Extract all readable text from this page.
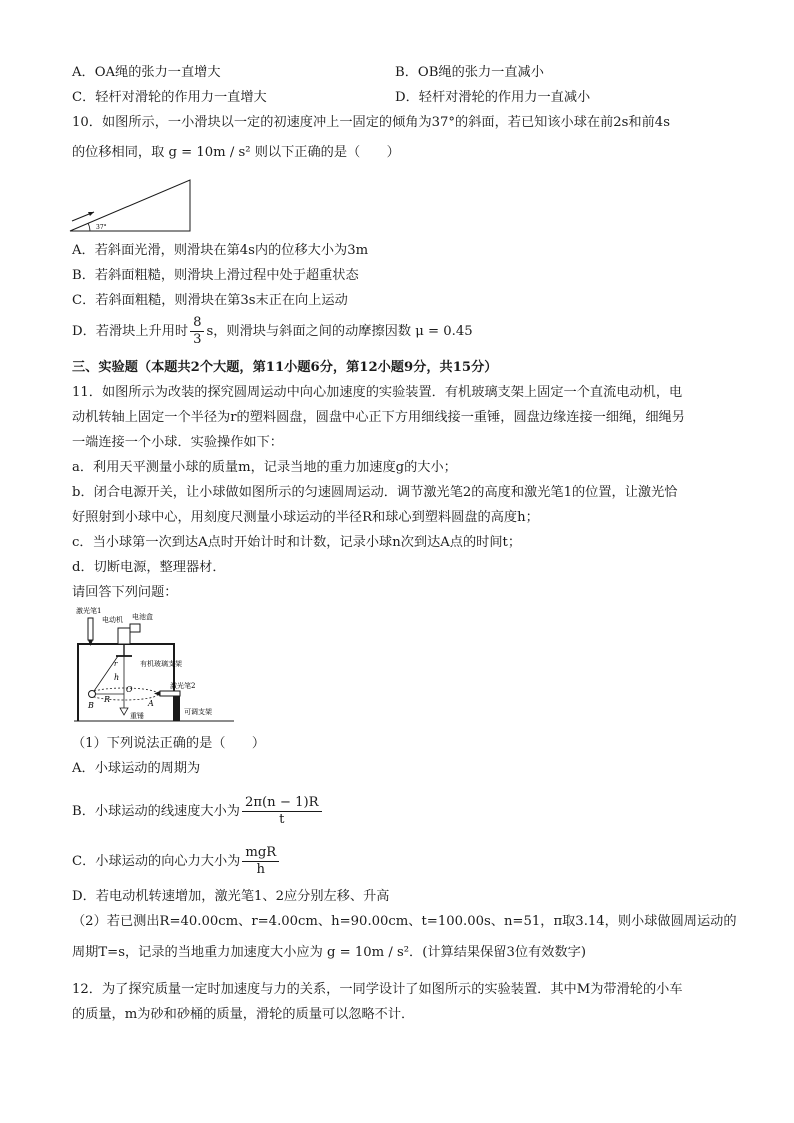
A．OA绳的张力一直增大	B．OB绳的张力一直减小
C．轻杆对滑轮的作用力一直增大	D．轻杆对滑轮的作用力一直减小
10．如图所示，一小滑块以一定的初速度冲上一固定的倾角为37°的斜面，若已知该小球在前2s和前4s
的位移相同，取 g = 10m / s² 则以下正确的是（　　）
37°
A．若斜面光滑，则滑块在第4s内的位移大小为3m
B．若斜面粗糙，则滑块上滑过程中处于超重状态
C．若斜面粗糙，则滑块在第3s末正在向上运动
D．若滑块上升用时 $\frac{8}{3}$ s，则滑块与斜面之间的动摩擦因数 μ = 0.45
三、实验题（本题共2个大题，第11小题6分，第12小题9分，共15分）
11．如图所示为改装的探究圆周运动中向心加速度的实验装置．有机玻璃支架上固定一个直流电动机，电
动机转轴上固定一个半径为r的塑料圆盘，圆盘中心正下方用细线接一重锤，圆盘边缘连接一细绳，细绳另
一端连接一个小球．实验操作如下：
a．利用天平测量小球的质量m，记录当地的重力加速度g的大小；
b．闭合电源开关，让小球做如图所示的匀速圆周运动．调节激光笔2的高度和激光笔1的位置，让激光恰
好照射到小球中心，用刻度尺测量小球运动的半径R和球心到塑料圆盘的高度h；
c．当小球第一次到达A点时开始计时和计数，记录小球n次到达A点的时间t；
d．切断电源，整理器材．
请回答下列问题：
激光笔1
电动机 电池盒
r	有机玻璃支架
重锤
h
O
R	A
B
激光笔2
可调支架
（1）下列说法正确的是（　　）
A．小球运动的周期为
B．小球运动的线速度大小为 $\frac{2\pi(n - 1)R}{t}$
C．小球运动的向心力大小为 $\frac{\text{mgR}}{h}$
D．若电动机转速增加，激光笔1、2应分别左移、升高
（2）若已测出R=40.00cm、r=4.00cm、h=90.00cm、t=100.00s、n=51，π取3.14，则小球做圆周运动的
周期T=s，记录的当地重力加速度大小应为 g = 10m / s²．(计算结果保留3位有效数字)
12．为了探究质量一定时加速度与力的关系，一同学设计了如图所示的实验装置．其中M为带滑轮的小车
的质量，m为砂和砂桶的质量，滑轮的质量可以忽略不计．
